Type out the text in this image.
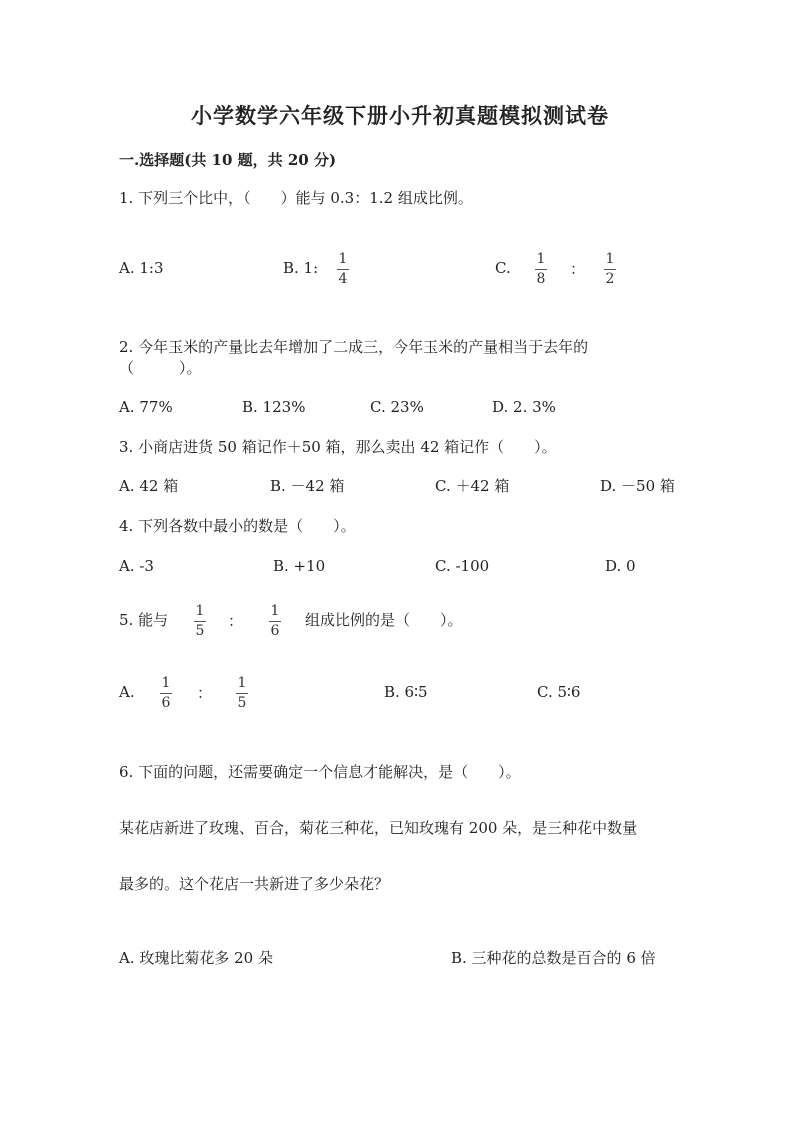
小学数学六年级下册小升初真题模拟测试卷
一.选择题(共 10 题，共 20 分)
1. 下列三个比中，（　　）能与 0.3：1.2 组成比例。
A. 1:3	B. 1: 1
4
C. 1
8
：
1
2
2. 今年玉米的产量比去年增加了二成三，今年玉米的产量相当于去年的
（　　　）。
A. 77%	B. 123%	C. 23%	D. 2. 3%
3. 小商店进货 50 箱记作＋50 箱，那么卖出 42 箱记作（　　）。
A. 42 箱	B. －42 箱	C. ＋42 箱	D. －50 箱
4. 下列各数中最小的数是（　　）。
A. -3	B. +10	C. -100	D. 0
5. 能与 1
5
：
1
6
组成比例的是（　　）。
A. 1
6
：
1
5
B. 6∶5	C. 5∶6
6. 下面的问题，还需要确定一个信息才能解决，是（　　）。
某花店新进了玫瑰、百合，菊花三种花，已知玫瑰有 200 朵，是三种花中数量
最多的。这个花店一共新进了多少朵花？
A. 玫瑰比菊花多 20 朵	B. 三种花的总数是百合的 6 倍
